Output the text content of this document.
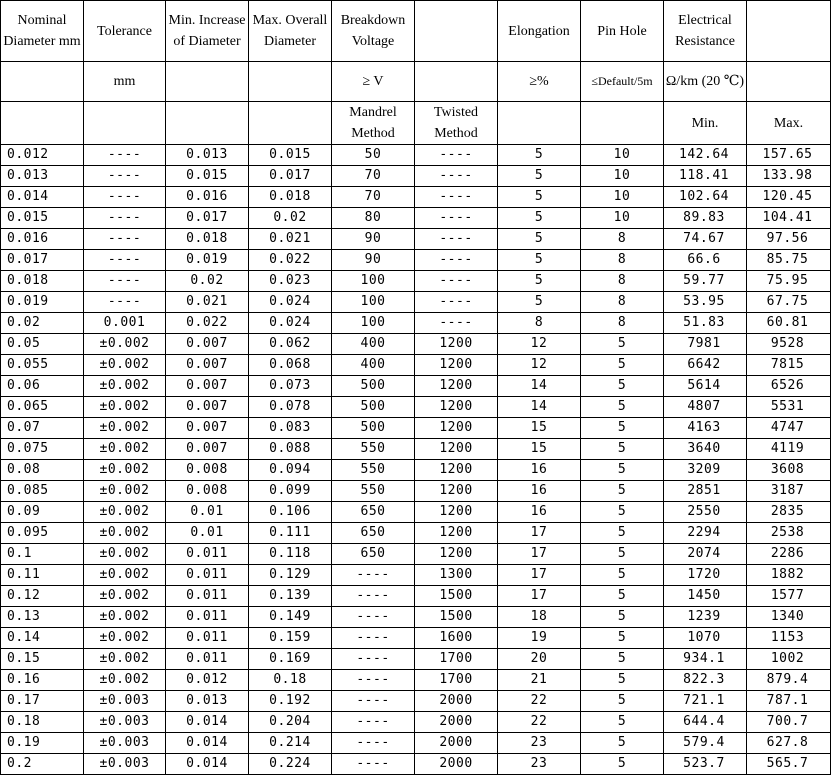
Nominal Diameter mm	Tolerance	Min. Increase of Diameter	Max. Overall Diameter	Breakdown Voltage		Elongation	Pin Hole	Electrical Resistance	
	mm			≥ V		≥%	≤Default/5m	Ω/km (20 ℃)	
				Mandrel Method	Twisted Method			Min.	Max.
0.012	----	0.013	0.015	50	----	5	10	142.64	157.65
0.013	----	0.015	0.017	70	----	5	10	118.41	133.98
0.014	----	0.016	0.018	70	----	5	10	102.64	120.45
0.015	----	0.017	0.02	80	----	5	10	89.83	104.41
0.016	----	0.018	0.021	90	----	5	8	74.67	97.56
0.017	----	0.019	0.022	90	----	5	8	66.6	85.75
0.018	----	0.02	0.023	100	----	5	8	59.77	75.95
0.019	----	0.021	0.024	100	----	5	8	53.95	67.75
0.02	0.001	0.022	0.024	100	----	8	8	51.83	60.81
0.05	±0.002	0.007	0.062	400	1200	12	5	7981	9528
0.055	±0.002	0.007	0.068	400	1200	12	5	6642	7815
0.06	±0.002	0.007	0.073	500	1200	14	5	5614	6526
0.065	±0.002	0.007	0.078	500	1200	14	5	4807	5531
0.07	±0.002	0.007	0.083	500	1200	15	5	4163	4747
0.075	±0.002	0.007	0.088	550	1200	15	5	3640	4119
0.08	±0.002	0.008	0.094	550	1200	16	5	3209	3608
0.085	±0.002	0.008	0.099	550	1200	16	5	2851	3187
0.09	±0.002	0.01	0.106	650	1200	16	5	2550	2835
0.095	±0.002	0.01	0.111	650	1200	17	5	2294	2538
0.1	±0.002	0.011	0.118	650	1200	17	5	2074	2286
0.11	±0.002	0.011	0.129	----	1300	17	5	1720	1882
0.12	±0.002	0.011	0.139	----	1500	17	5	1450	1577
0.13	±0.002	0.011	0.149	----	1500	18	5	1239	1340
0.14	±0.002	0.011	0.159	----	1600	19	5	1070	1153
0.15	±0.002	0.011	0.169	----	1700	20	5	934.1	1002
0.16	±0.002	0.012	0.18	----	1700	21	5	822.3	879.4
0.17	±0.003	0.013	0.192	----	2000	22	5	721.1	787.1
0.18	±0.003	0.014	0.204	----	2000	22	5	644.4	700.7
0.19	±0.003	0.014	0.214	----	2000	23	5	579.4	627.8
0.2	±0.003	0.014	0.224	----	2000	23	5	523.7	565.7
